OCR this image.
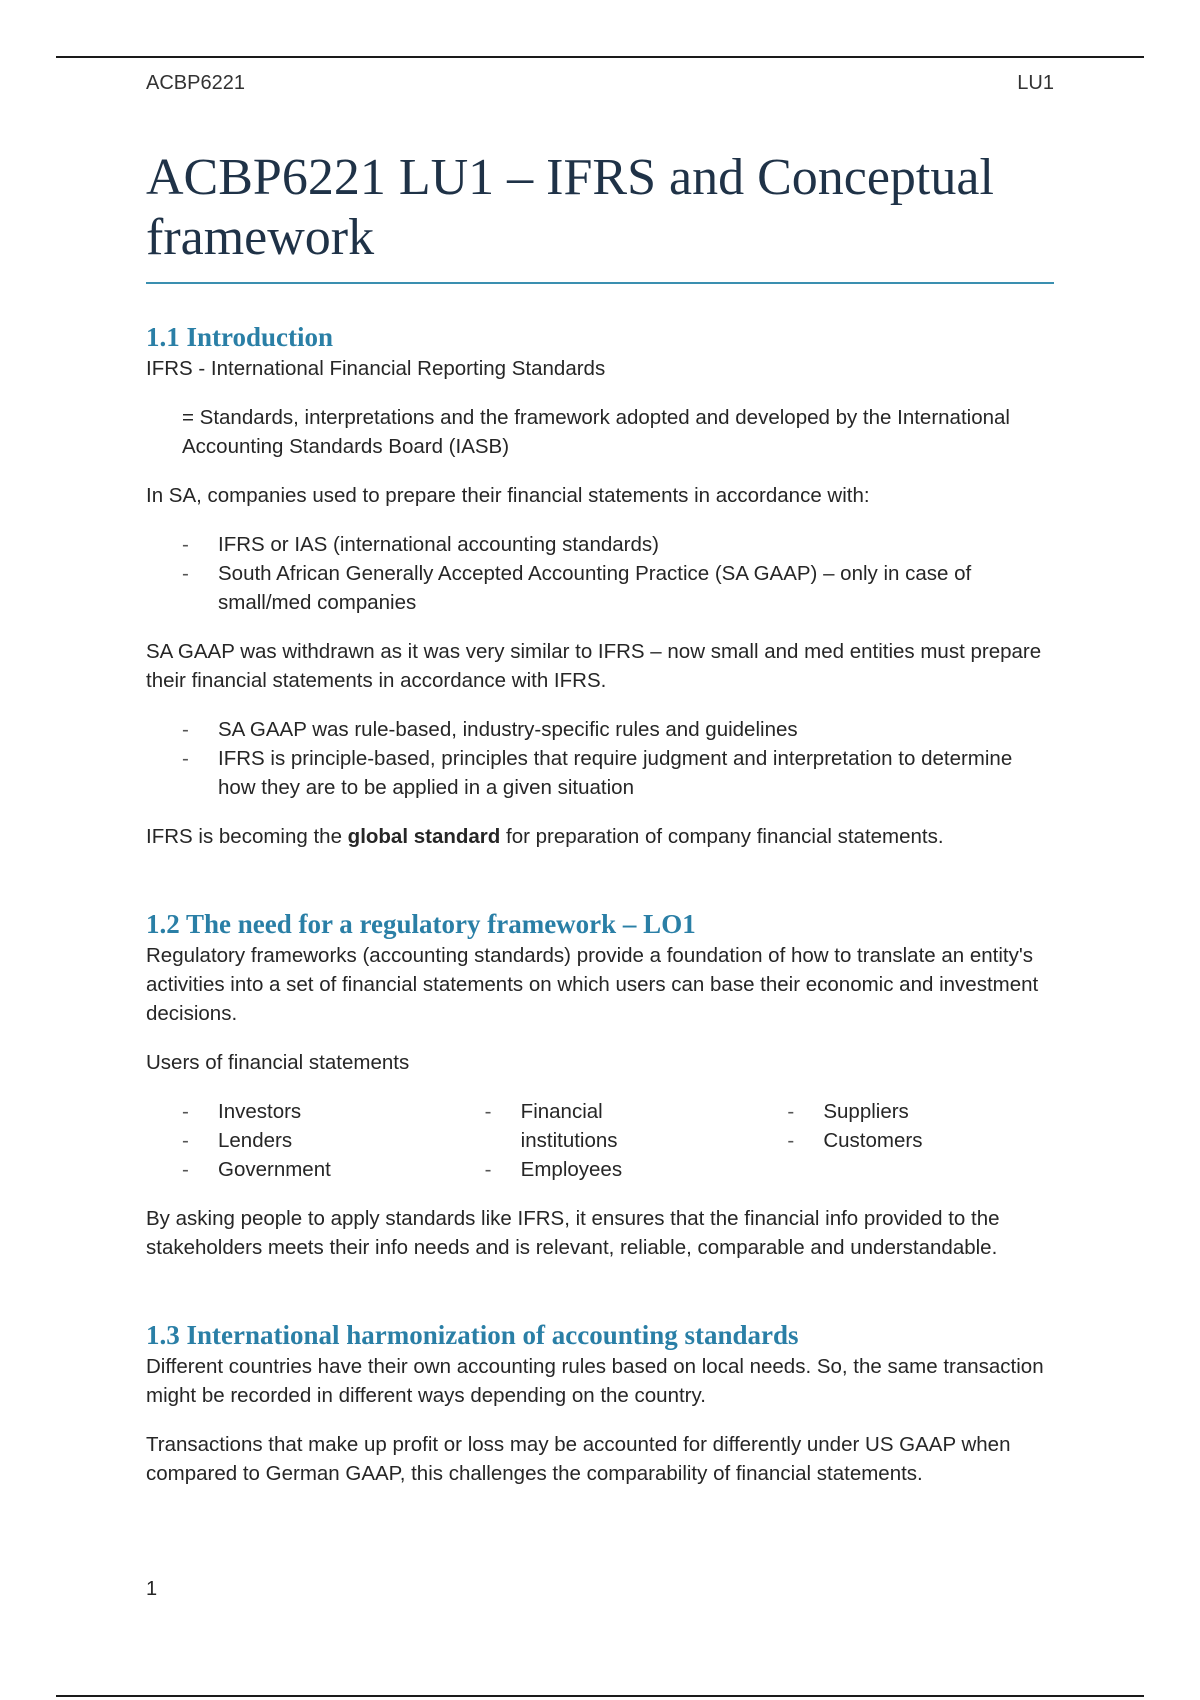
ACBP6221	LU1
ACBP6221 LU1 – IFRS and Conceptual framework
1.1 Introduction

IFRS - International Financial Reporting Standards

= Standards, interpretations and the framework adopted and developed by the International Accounting Standards Board (IASB)

In SA, companies used to prepare their financial statements in accordance with:

- IFRS or IAS (international accounting standards)
- South African Generally Accepted Accounting Practice (SA GAAP) – only in case of small/med companies

SA GAAP was withdrawn as it was very similar to IFRS – now small and med entities must prepare their financial statements in accordance with IFRS.

- SA GAAP was rule-based, industry-specific rules and guidelines
- IFRS is principle-based, principles that require judgment and interpretation to determine how they are to be applied in a given situation

IFRS is becoming the global standard for preparation of company financial statements.

1.2 The need for a regulatory framework – LO1

Regulatory frameworks (accounting standards) provide a foundation of how to translate an entity's activities into a set of financial statements on which users can base their economic and investment decisions.

Users of financial statements

- Investors
- Lenders
- Government
- Financial institutions
- Employees
- Suppliers
- Customers

By asking people to apply standards like IFRS, it ensures that the financial info provided to the stakeholders meets their info needs and is relevant, reliable, comparable and understandable.

1.3 International harmonization of accounting standards

Different countries have their own accounting rules based on local needs. So, the same transaction might be recorded in different ways depending on the country.

Transactions that make up profit or loss may be accounted for differently under US GAAP when compared to German GAAP, this challenges the comparability of financial statements.

1
